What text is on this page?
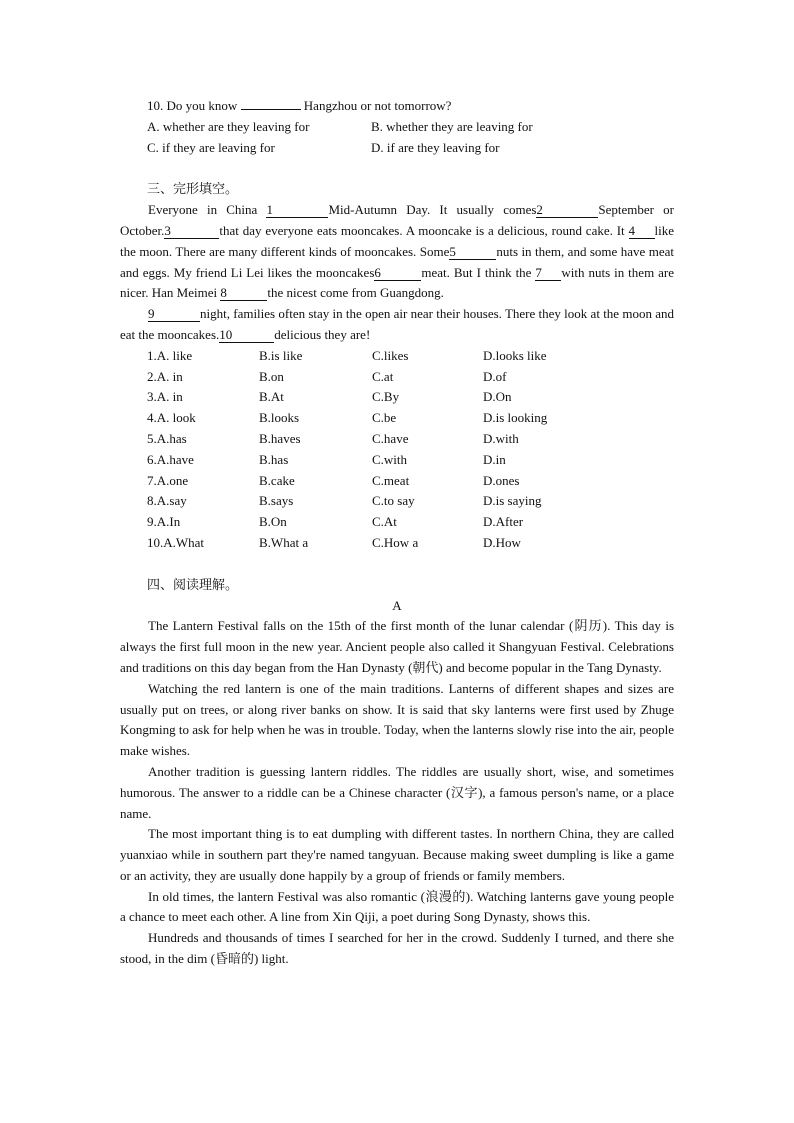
10. Do you know	Hangzhou or not tomorrow?
A. whether are they leaving for	B. whether they are leaving for
C. if they are leaving for	D. if are they leaving for
三、完形填空。
Everyone in China 1	Mid-Autumn Day. It usually comes2	September or October.3	that day everyone eats mooncakes. A mooncake is a delicious, round cake. It 4 like the moon. There are many different kinds of mooncakes. Some5	nuts in them, and some have meat and eggs. My friend Li Lei likes the mooncakes6	meat. But I think the 7 with nuts in them are nicer. Han Meimei 8	the nicest come from Guangdong.
9	night, families often stay in the open air near their houses. There they look at the moon and eat the mooncakes.10	delicious they are!
1.A. like	B.is like	C.likes	D.looks like
2.A. in	B.on	C.at	D.of
3.A. in	B.At	C.By	D.On
4.A. look	B.looks	C.be	D.is looking
5.A.has	B.haves	C.have	D.with
6.A.have	B.has	C.with	D.in
7.A.one	B.cake	C.meat	D.ones
8.A.say	B.says	C.to say	D.is saying
9.A.In	B.On	C.At	D.After
10.A.What	B.What a	C.How a	D.How
四、阅读理解。
A
The Lantern Festival falls on the 15th of the first month of the lunar calendar (阴历). This day is always the first full moon in the new year. Ancient people also called it Shangyuan Festival. Celebrations and traditions on this day began from the Han Dynasty (朝代) and become popular in the Tang Dynasty.
Watching the red lantern is one of the main traditions. Lanterns of different shapes and sizes are usually put on trees, or along river banks on show. It is said that sky lanterns were first used by Zhuge Kongming to ask for help when he was in trouble. Today, when the lanterns slowly rise into the air, people make wishes.
Another tradition is guessing lantern riddles. The riddles are usually short, wise, and sometimes humorous. The answer to a riddle can be a Chinese character (汉字), a famous person's name, or a place name.
The most important thing is to eat dumpling with different tastes. In northern China, they are called yuanxiao while in southern part they're named tangyuan. Because making sweet dumpling is like a game or an activity, they are usually done happily by a group of friends or family members.
In old times, the lantern Festival was also romantic (浪漫的). Watching lanterns gave young people a chance to meet each other. A line from Xin Qiji, a poet during Song Dynasty, shows this.
Hundreds and thousands of times I searched for her in the crowd. Suddenly I turned, and there she stood, in the dim (昏暗的) light.
